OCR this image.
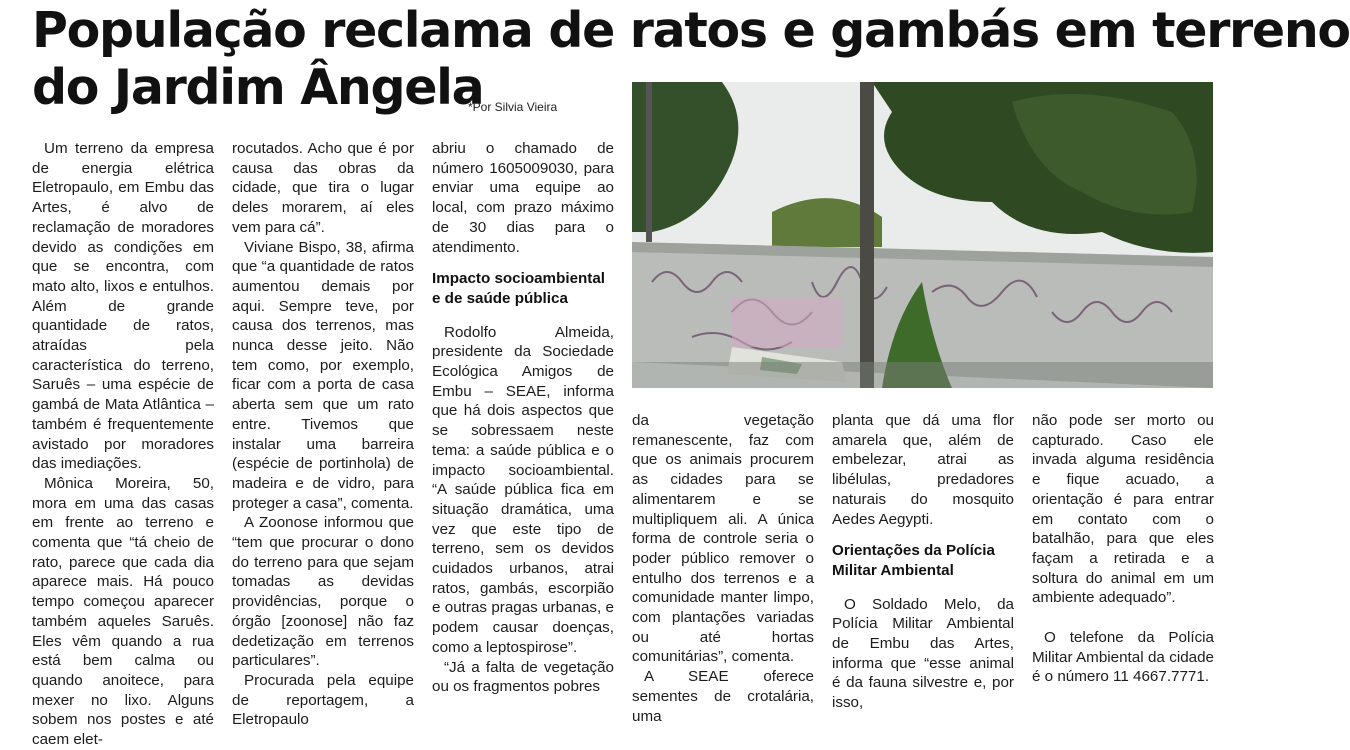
População reclama de ratos e gambás em terreno
do Jardim Ângela
*Por Silvia Vieira

Um terreno da empresa de energia elétrica Eletropaulo, em Embu das Artes, é alvo de reclamação de moradores devido as condições em que se encontra, com mato alto, lixos e entulhos. Além de grande quantidade de ratos, atraídas pela característica do terreno, Saruês – uma espécie de gambá de Mata Atlântica – também é frequentemente avistado por moradores das imediações.

Mônica Moreira, 50, mora em uma das casas em frente ao terreno e comenta que “tá cheio de rato, parece que cada dia aparece mais. Há pouco tempo começou aparecer também aqueles Saruês. Eles vêm quando a rua está bem calma ou quando anoitece, para mexer no lixo. Alguns sobem nos postes e até caem elet-

rocutados. Acho que é por causa das obras da cidade, que tira o lugar deles morarem, aí eles vem para cá”.

Viviane Bispo, 38, afirma que “a quantidade de ratos aumentou demais por aqui. Sempre teve, por causa dos terrenos, mas nunca desse jeito. Não tem como, por exemplo, ficar com a porta de casa aberta sem que um rato entre. Tivemos que instalar uma barreira (espécie de portinhola) de madeira e de vidro, para proteger a casa”, comenta.

A Zoonose informou que “tem que procurar o dono do terreno para que sejam tomadas as devidas providências, porque o órgão [zoonose] não faz dedetização em terrenos particulares”.

Procurada pela equipe de reportagem, a Eletropaulo

abriu o chamado de número 1605009030, para enviar uma equipe ao local, com prazo máximo de 30 dias para o atendimento.

Impacto socioambiental e de saúde pública

Rodolfo Almeida, presidente da Sociedade Ecológica Amigos de Embu – SEAE, informa que há dois aspectos que se sobressaem neste tema: a saúde pública e o impacto socioambiental. “A saúde pública fica em situação dramática, uma vez que este tipo de terreno, sem os devidos cuidados urbanos, atrai ratos, gambás, escorpião e outras pragas urbanas, e podem causar doenças, como a leptospirose”.

“Já a falta de vegetação ou os fragmentos pobres

da vegetação remanescente, faz com que os animais procurem as cidades para se alimentarem e se multipliquem ali. A única forma de controle seria o poder público remover o entulho dos terrenos e a comunidade manter limpo, com plantações variadas ou até hortas comunitárias”, comenta.

A SEAE oferece sementes de crotalária, uma

planta que dá uma flor amarela que, além de embelezar, atrai as libélulas, predadores naturais do mosquito Aedes Aegypti.

Orientações da Polícia Militar Ambiental

O Soldado Melo, da Polícia Militar Ambiental de Embu das Artes, informa que “esse animal é da fauna silvestre e, por isso,

não pode ser morto ou capturado. Caso ele invada alguma residência e fique acuado, a orientação é para entrar em contato com o batalhão, para que eles façam a retirada e a soltura do animal em um ambiente adequado”.

O telefone da Polícia Militar Ambiental da cidade é o número 11 4667.7771.
